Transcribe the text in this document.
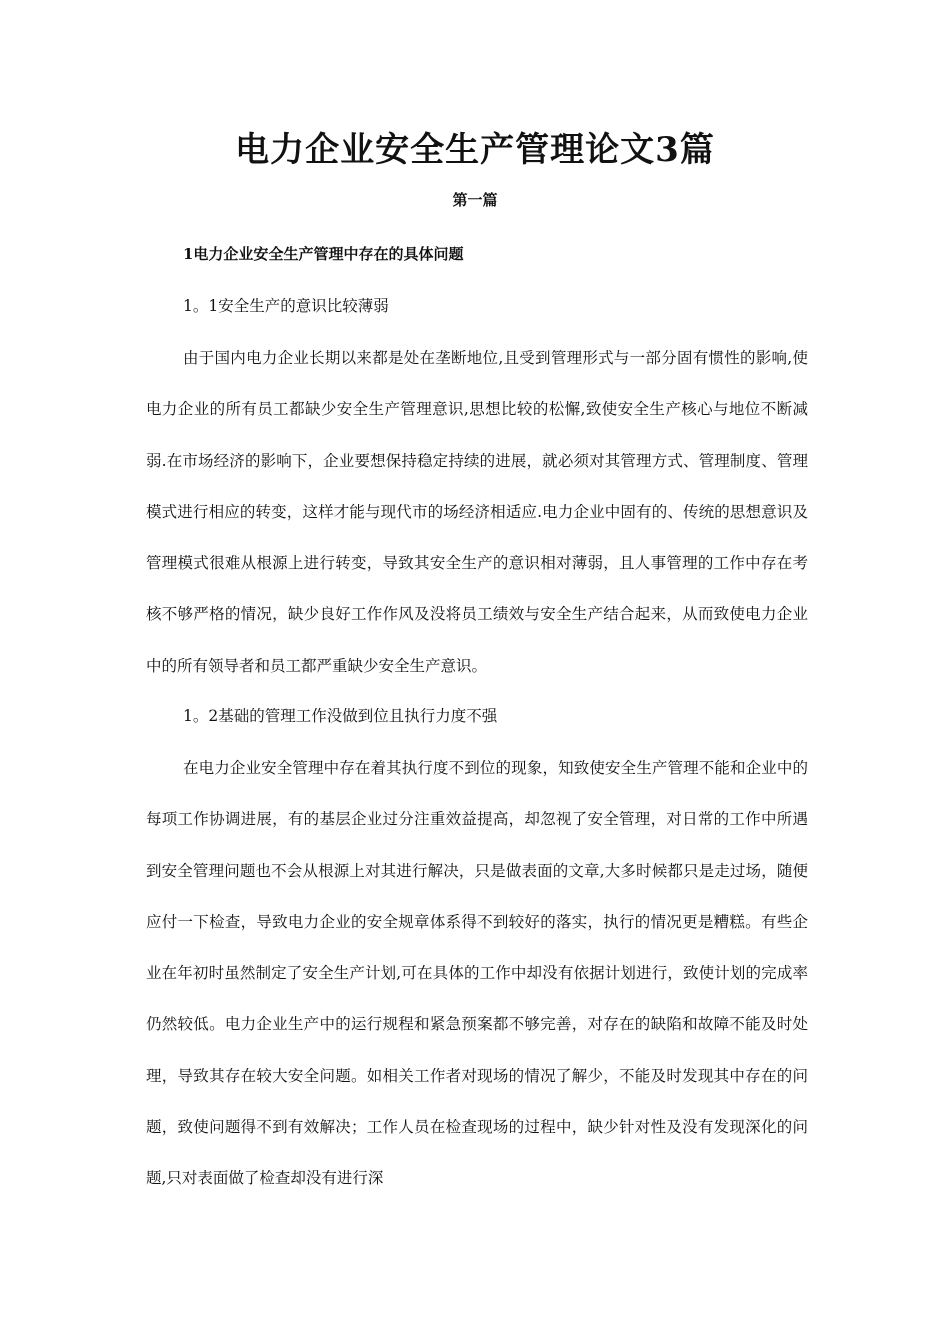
电力企业安全生产管理论文3篇

第一篇

1电力企业安全生产管理中存在的具体问题

1。1安全生产的意识比较薄弱

由于国内电力企业长期以来都是处在垄断地位,且受到管理形式与一部分固有惯性的影响,使电力企业的所有员工都缺少安全生产管理意识,思想比较的松懈,致使安全生产核心与地位不断减弱.在市场经济的影响下，企业要想保持稳定持续的进展，就必须对其管理方式、管理制度、管理模式进行相应的转变，这样才能与现代市的场经济相适应.电力企业中固有的、传统的思想意识及管理模式很难从根源上进行转变，导致其安全生产的意识相对薄弱，且人事管理的工作中存在考核不够严格的情况，缺少良好工作作风及没将员工绩效与安全生产结合起来，从而致使电力企业中的所有领导者和员工都严重缺少安全生产意识。

1。2基础的管理工作没做到位且执行力度不强

在电力企业安全管理中存在着其执行度不到位的现象，知致使安全生产管理不能和企业中的每项工作协调进展，有的基层企业过分注重效益提高，却忽视了安全管理，对日常的工作中所遇到安全管理问题也不会从根源上对其进行解决，只是做表面的文章,大多时候都只是走过场，随便应付一下检查，导致电力企业的安全规章体系得不到较好的落实，执行的情况更是糟糕。有些企业在年初时虽然制定了安全生产计划,可在具体的工作中却没有依据计划进行，致使计划的完成率仍然较低。电力企业生产中的运行规程和紧急预案都不够完善，对存在的缺陷和故障不能及时处理，导致其存在较大安全问题。如相关工作者对现场的情况了解少，不能及时发现其中存在的问题，致使问题得不到有效解决；工作人员在检查现场的过程中，缺少针对性及没有发现深化的问题,只对表面做了检查却没有进行深
